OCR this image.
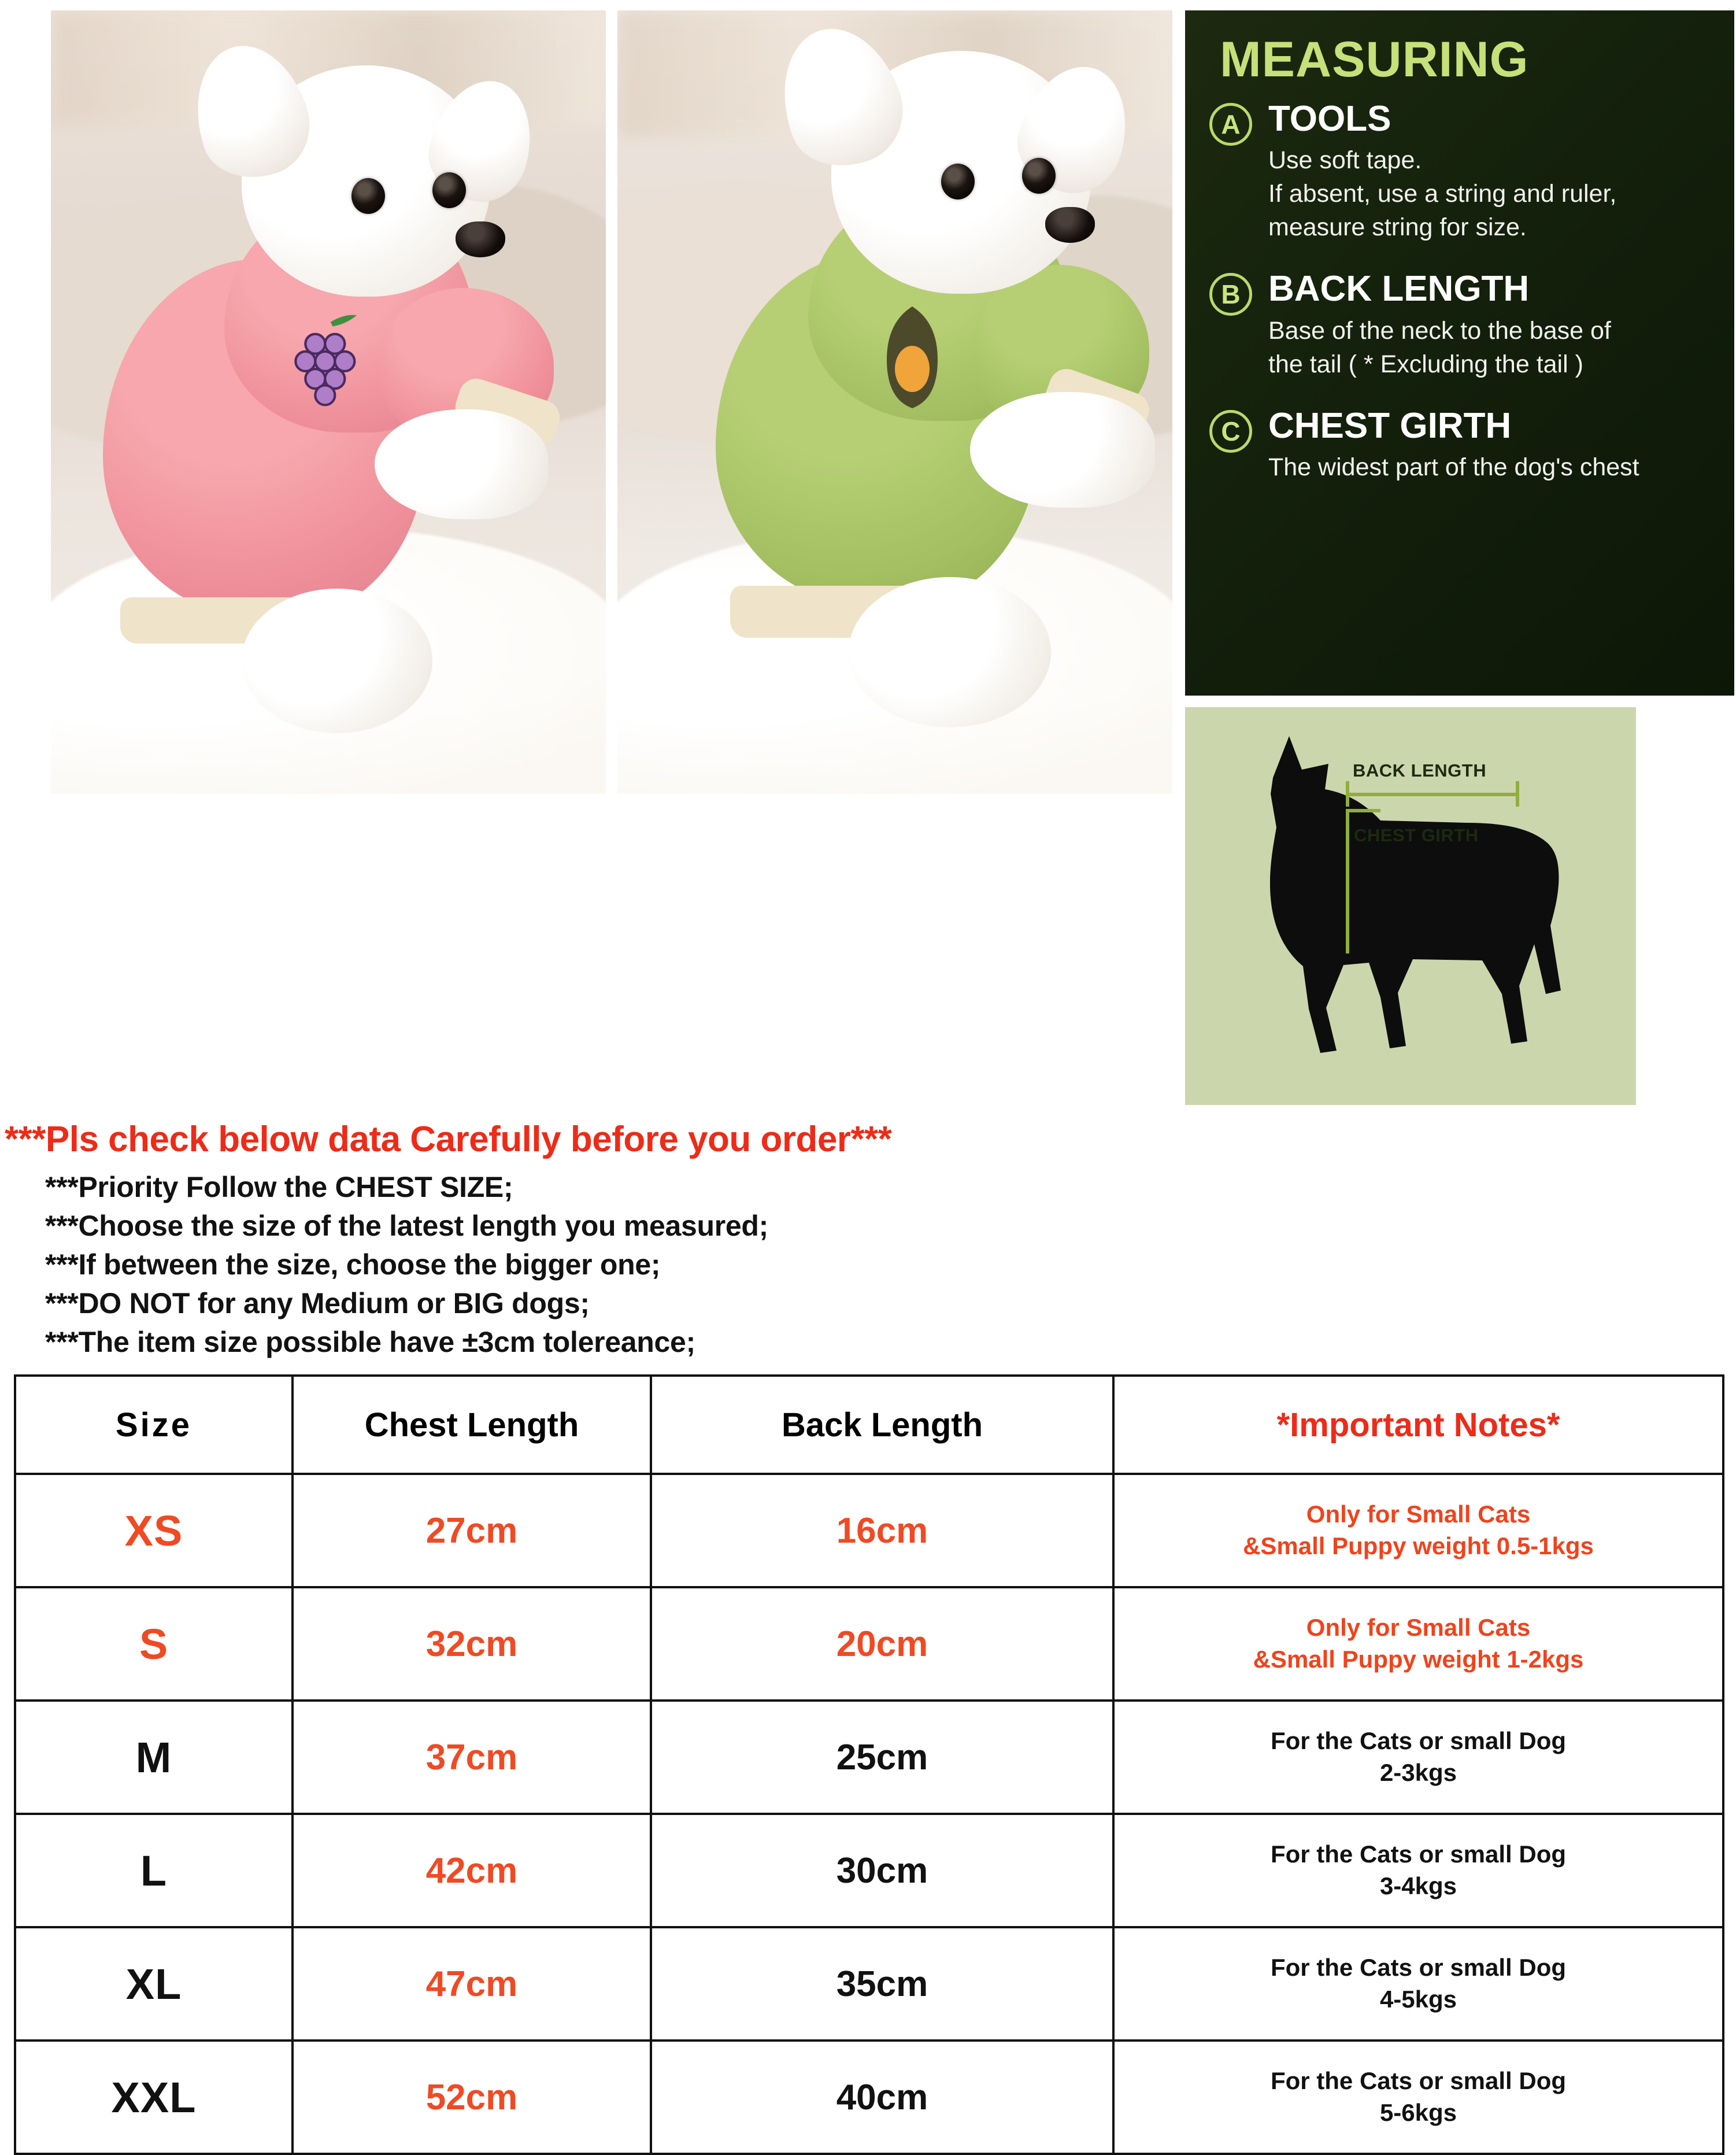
MEASURING
A TOOLS
Use soft tape.
If absent, use a string and ruler,
measure string for size.
B BACK LENGTH
Base of the neck to the base of
the tail ( * Excluding the tail )
C CHEST GIRTH
The widest part of the dog's chest
BACK LENGTH
CHEST GIRTH
***Pls check below data Carefully before you order***
***Priority Follow the CHEST SIZE;
***Choose the size of the latest length you measured;
***If between the size, choose the bigger one;
***DO NOT for any Medium or BIG dogs;
***The item size possible have ±3cm tolereance;
Size	Chest Length	Back Length	*Important Notes*
XS	27cm	16cm	Only for Small Cats
&Small Puppy weight 0.5-1kgs

S	32cm	20cm	Only for Small Cats
&Small Puppy weight 1-2kgs

M	37cm	25cm	For the Cats or small Dog
2-3kgs

L	42cm	30cm	For the Cats or small Dog
3-4kgs

XL	47cm	35cm	For the Cats or small Dog
4-5kgs

XXL	52cm	40cm	For the Cats or small Dog
5-6kgs
